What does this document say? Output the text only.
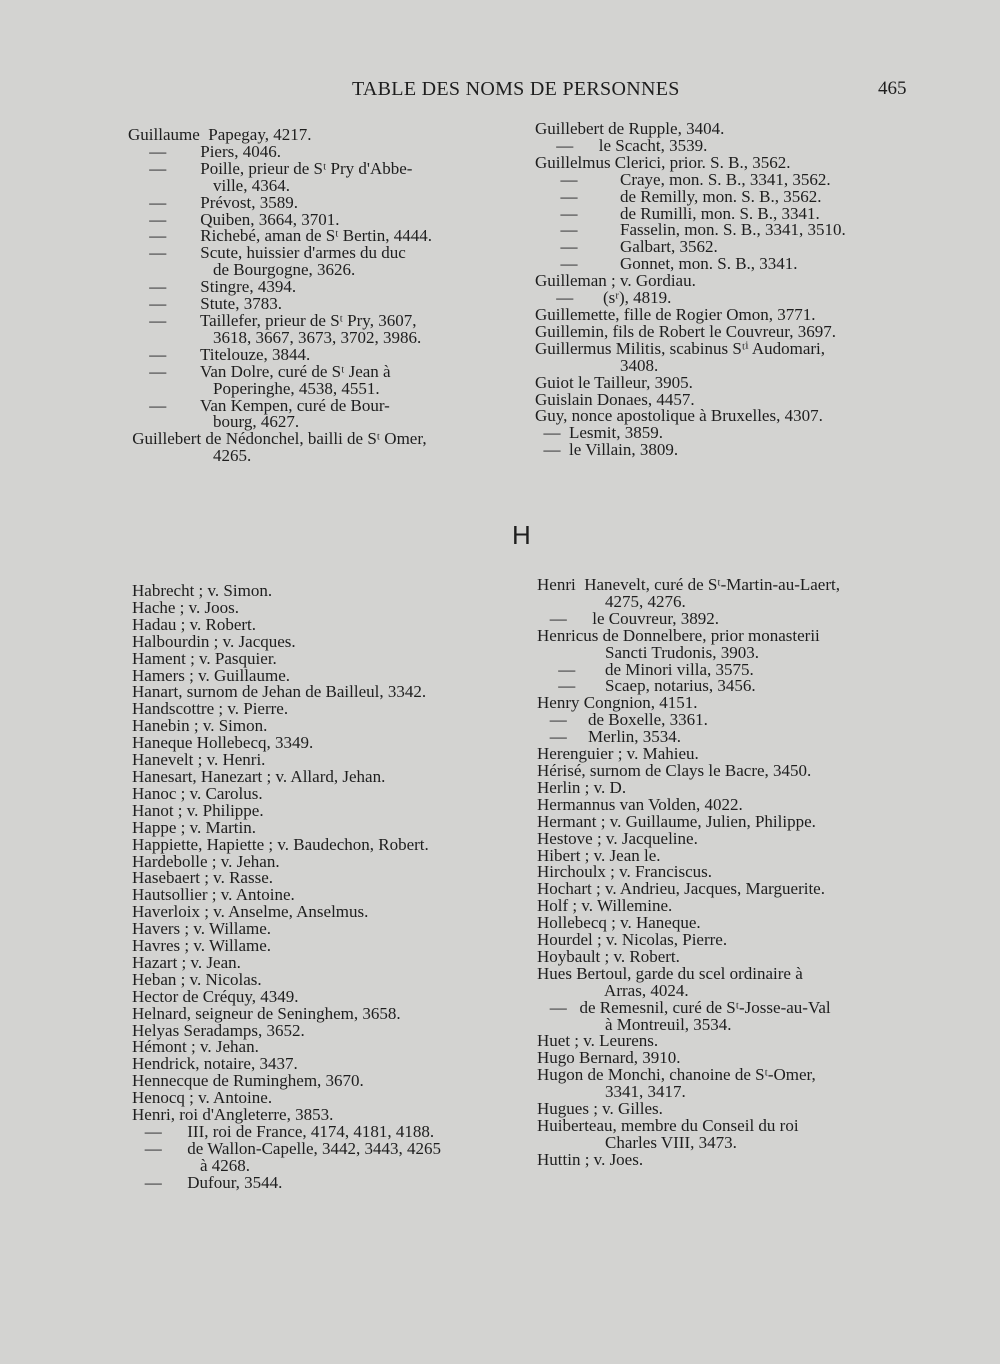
TABLE DES NOMS DE PERSONNES	465
Guillaume  Papegay, 4217.
—        Piers, 4046.
—        Poille, prieur de Sᵗ Pry d'Abbe-
ville, 4364.
—        Prévost, 3589.
—        Quiben, 3664, 3701.
—        Richebé, aman de Sᵗ Bertin, 4444.
—        Scute, huissier d'armes du duc
de Bourgogne, 3626.
—        Stingre, 4394.
—        Stute, 3783.
—        Taillefer, prieur de Sᵗ Pry, 3607,
3618, 3667, 3673, 3702, 3986.
—        Titelouze, 3844.
—        Van Dolre, curé de Sᵗ Jean à
Poperinghe, 4538, 4551.
—        Van Kempen, curé de Bour-
bourg, 4627.
Guillebert de Nédonchel, bailli de Sᵗ Omer,
4265.
Guillebert de Rupple, 3404.
—      le Scacht, 3539.
Guillelmus Clerici, prior. S. B., 3562.
—          Craye, mon. S. B., 3341, 3562.
—          de Remilly, mon. S. B., 3562.
—          de Rumilli, mon. S. B., 3341.
—          Fasselin, mon. S. B., 3341, 3510.
—          Galbart, 3562.
—          Gonnet, mon. S. B., 3341.
Guilleman ; v. Gordiau.
—       (sʳ), 4819.
Guillemette, fille de Rogier Omon, 3771.
Guillemin, fils de Robert le Couvreur, 3697.
Guillermus Militis, scabinus Sᵗⁱ Audomari,
3408.
Guiot le Tailleur, 3905.
Guislain Donaes, 4457.
Guy, nonce apostolique à Bruxelles, 4307.
—  Lesmit, 3859.
—  le Villain, 3809.
H
Habrecht ; v. Simon.
Hache ; v. Joos.
Hadau ; v. Robert.
Halbourdin ; v. Jacques.
Hament ; v. Pasquier.
Hamers ; v. Guillaume.
Hanart, surnom de Jehan de Bailleul, 3342.
Handscottre ; v. Pierre.
Hanebin ; v. Simon.
Haneque Hollebecq, 3349.
Hanevelt ; v. Henri.
Hanesart, Hanezart ; v. Allard, Jehan.
Hanoc ; v. Carolus.
Hanot ; v. Philippe.
Happe ; v. Martin.
Happiette, Hapiette ; v. Baudechon, Robert.
Hardebolle ; v. Jehan.
Hasebaert ; v. Rasse.
Hautsollier ; v. Antoine.
Haverloix ; v. Anselme, Anselmus.
Havers ; v. Willame.
Havres ; v. Willame.
Hazart ; v. Jean.
Heban ; v. Nicolas.
Hector de Créquy, 4349.
Helnard, seigneur de Seninghem, 3658.
Helyas Seradamps, 3652.
Hémont ; v. Jehan.
Hendrick, notaire, 3437.
Hennecque de Ruminghem, 3670.
Henocq ; v. Antoine.
Henri, roi d'Angleterre, 3853.
—      III, roi de France, 4174, 4181, 4188.
—      de Wallon-Capelle, 3442, 3443, 4265
à 4268.
—      Dufour, 3544.
Henri  Hanevelt, curé de Sᵗ-Martin-au-Laert,
4275, 4276.
—      le Couvreur, 3892.
Henricus de Donnelbere, prior monasterii
Sancti Trudonis, 3903.
—       de Minori villa, 3575.
—       Scaep, notarius, 3456.
Henry Congnion, 4151.
—     de Boxelle, 3361.
—     Merlin, 3534.
Herenguier ; v. Mahieu.
Hérisé, surnom de Clays le Bacre, 3450.
Herlin ; v. D.
Hermannus van Volden, 4022.
Hermant ; v. Guillaume, Julien, Philippe.
Hestove ; v. Jacqueline.
Hibert ; v. Jean le.
Hirchoulx ; v. Franciscus.
Hochart ; v. Andrieu, Jacques, Marguerite.
Holf ; v. Willemine.
Hollebecq ; v. Haneque.
Hourdel ; v. Nicolas, Pierre.
Hoybault ; v. Robert.
Hues Bertoul, garde du scel ordinaire à
Arras, 4024.
—   de Remesnil, curé de Sᵗ-Josse-au-Val
à Montreuil, 3534.
Huet ; v. Leurens.
Hugo Bernard, 3910.
Hugon de Monchi, chanoine de Sᵗ-Omer,
3341, 3417.
Hugues ; v. Gilles.
Huiberteau, membre du Conseil du roi
Charles VIII, 3473.
Huttin ; v. Joes.
